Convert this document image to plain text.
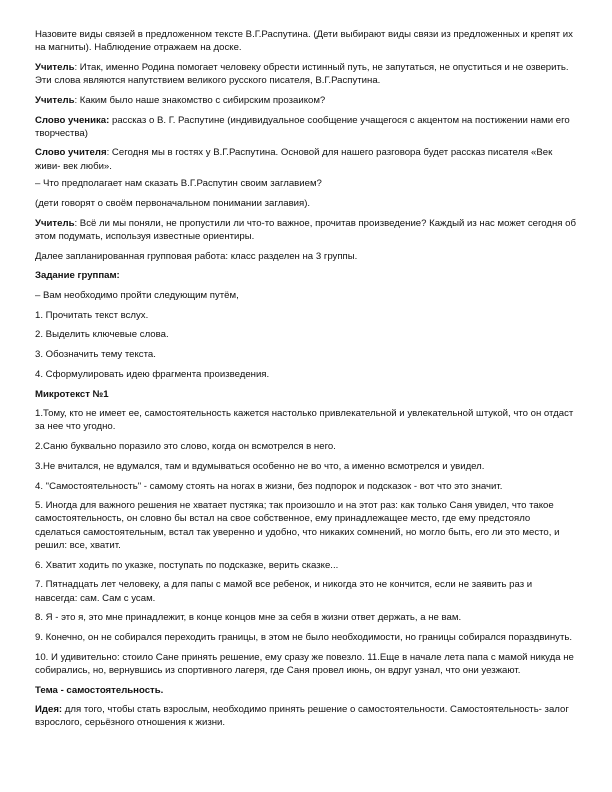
Назовите виды связей в предложенном тексте В.Г.Распутина. (Дети выбирают виды связи из предложенных и крепят их на магниты). Наблюдение отражаем на доске.

Учитель: Итак, именно Родина помогает человеку обрести истинный путь, не запутаться, не опуститься и не озверить. Эти слова являются напутствием великого русского писателя, В.Г.Распутина.

Учитель: Каким было наше знакомство с сибирским прозаиком?

Слово ученика: рассказ о В. Г. Распутине (индивидуальное сообщение учащегося с акцентом на постижении нами его творчества)

Слово учителя: Сегодня мы в гостях у В.Г.Распутина. Основой для нашего разговора будет рассказ писателя «Век живи- век люби».

– Что предполагает нам сказать В.Г.Распутин своим заглавием?

(дети говорят о своём первоначальном понимании заглавия).

Учитель: Всё ли мы поняли, не пропустили ли что-то важное, прочитав произведение? Каждый из нас может сегодня об этом подумать, используя известные ориентиры.

Далее запланированная групповая работа: класс разделен на 3 группы.

Задание группам:

– Вам необходимо пройти следующим путём,

1. Прочитать текст вслух.

2. Выделить ключевые слова.

3. Обозначить тему текста.

4. Сформулировать идею фрагмента произведения.

Микротекст №1

1.Тому, кто не имеет ее, самостоятельность кажется настолько привлекательной и увлекательной штукой, что он отдаст за нее что угодно.

2.Саню буквально поразило это слово, когда он всмотрелся в него.

3.Не вчитался, не вдумался, там и вдумываться особенно не во что, а именно всмотрелся и увидел.

4. "Самостоятельность" - самому стоять на ногах в жизни, без подпорок и подсказок - вот что это значит.

5. Иногда для важного решения не хватает пустяка; так произошло и на этот раз: как только Саня увидел, что такое самостоятельность, он словно бы встал на свое собственное, ему принадлежащее место, где ему предстояло сделаться самостоятельным, встал так уверенно и удобно, что никаких сомнений, но могло быть, его ли это место, и решил: все, хватит.

6. Хватит ходить по указке, поступать по подсказке, верить сказке...

7. Пятнадцать лет человеку, а для папы с мамой все ребенок, и никогда это не кончится, если не заявить раз и навсегда: сам. Сам с усам.

8. Я - это я, это мне принадлежит, в конце концов мне за себя в жизни ответ держать, а не вам.

9. Конечно, он не собирался переходить границы, в этом не было необходимости, но границы собирался пораздвинуть.

10. И удивительно: стоило Сане принять решение, ему сразу же повезло. 11.Еще в начале лета папа с мамой никуда не собирались, но, вернувшись из спортивного лагеря, где Саня провел июнь, он вдруг узнал, что они уезжают.

Тема - самостоятельность.

Идея: для того, чтобы стать взрослым, необходимо принять решение о самостоятельности. Самостоятельность- залог взрослого, серьёзного отношения к жизни.
